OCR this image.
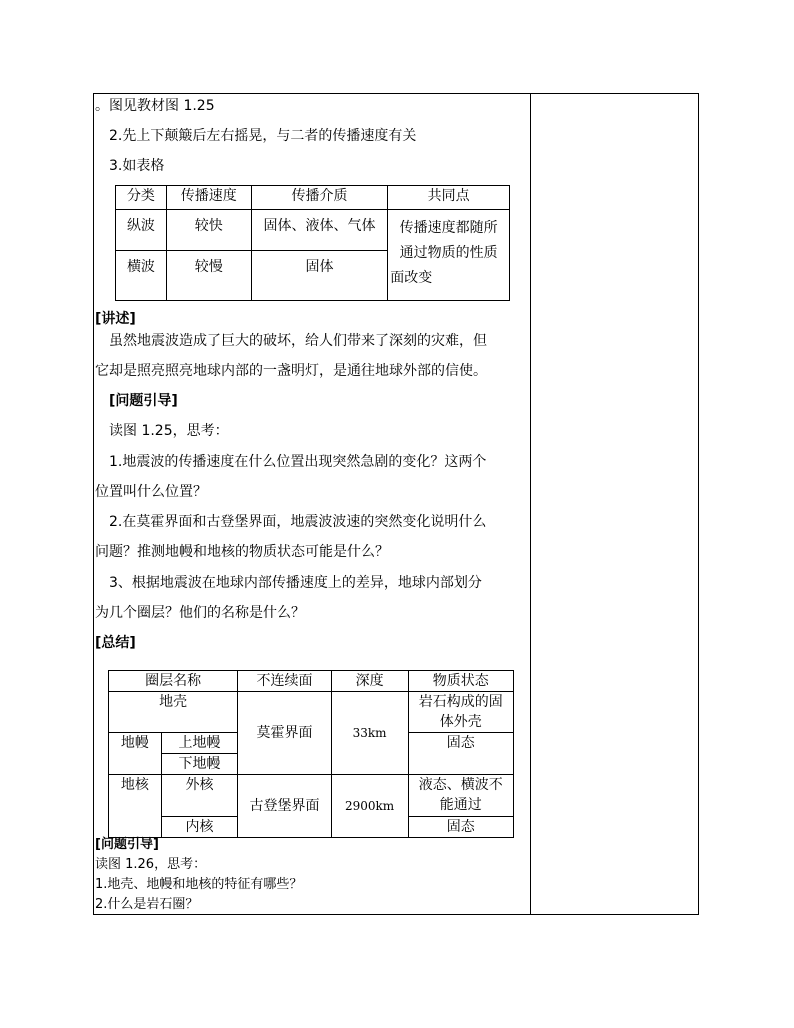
。图见教材图 1.25
2.先上下颠簸后左右摇晃，与二者的传播速度有关
3.如表格
分类	传播速度	传播介质	共同点
纵波	较快	固体、液体、气体	传播速度都随所
通过物质的性质
面改变

横波	较慢	固体	
[讲述]
虽然地震波造成了巨大的破坏，给人们带来了深刻的灾难，但
它却是照亮照亮地球内部的一盏明灯，是通往地球外部的信使。
[问题引导]
读图 1.25，思考：
1.地震波的传播速度在什么位置出现突然急剧的变化？这两个
位置叫什么位置？
2.在莫霍界面和古登堡界面，地震波波速的突然变化说明什么
问题？推测地幔和地核的物质状态可能是什么？
3、根据地震波在地球内部传播速度上的差异，地球内部划分
为几个圈层？他们的名称是什么？
[总结]
圈层名称		不连续面	深度	物质状态
地壳		莫霍界面	33km	岩石构成的固
体外壳

地幔	上地幔			固态
	下地幔			
地核	外核	古登堡界面	2900km	液态、横波不
能通过

	内核			固态
[问题引导]
读图 1.26，思考：
1.地壳、地幔和地核的特征有哪些？
2.什么是岩石圈？
